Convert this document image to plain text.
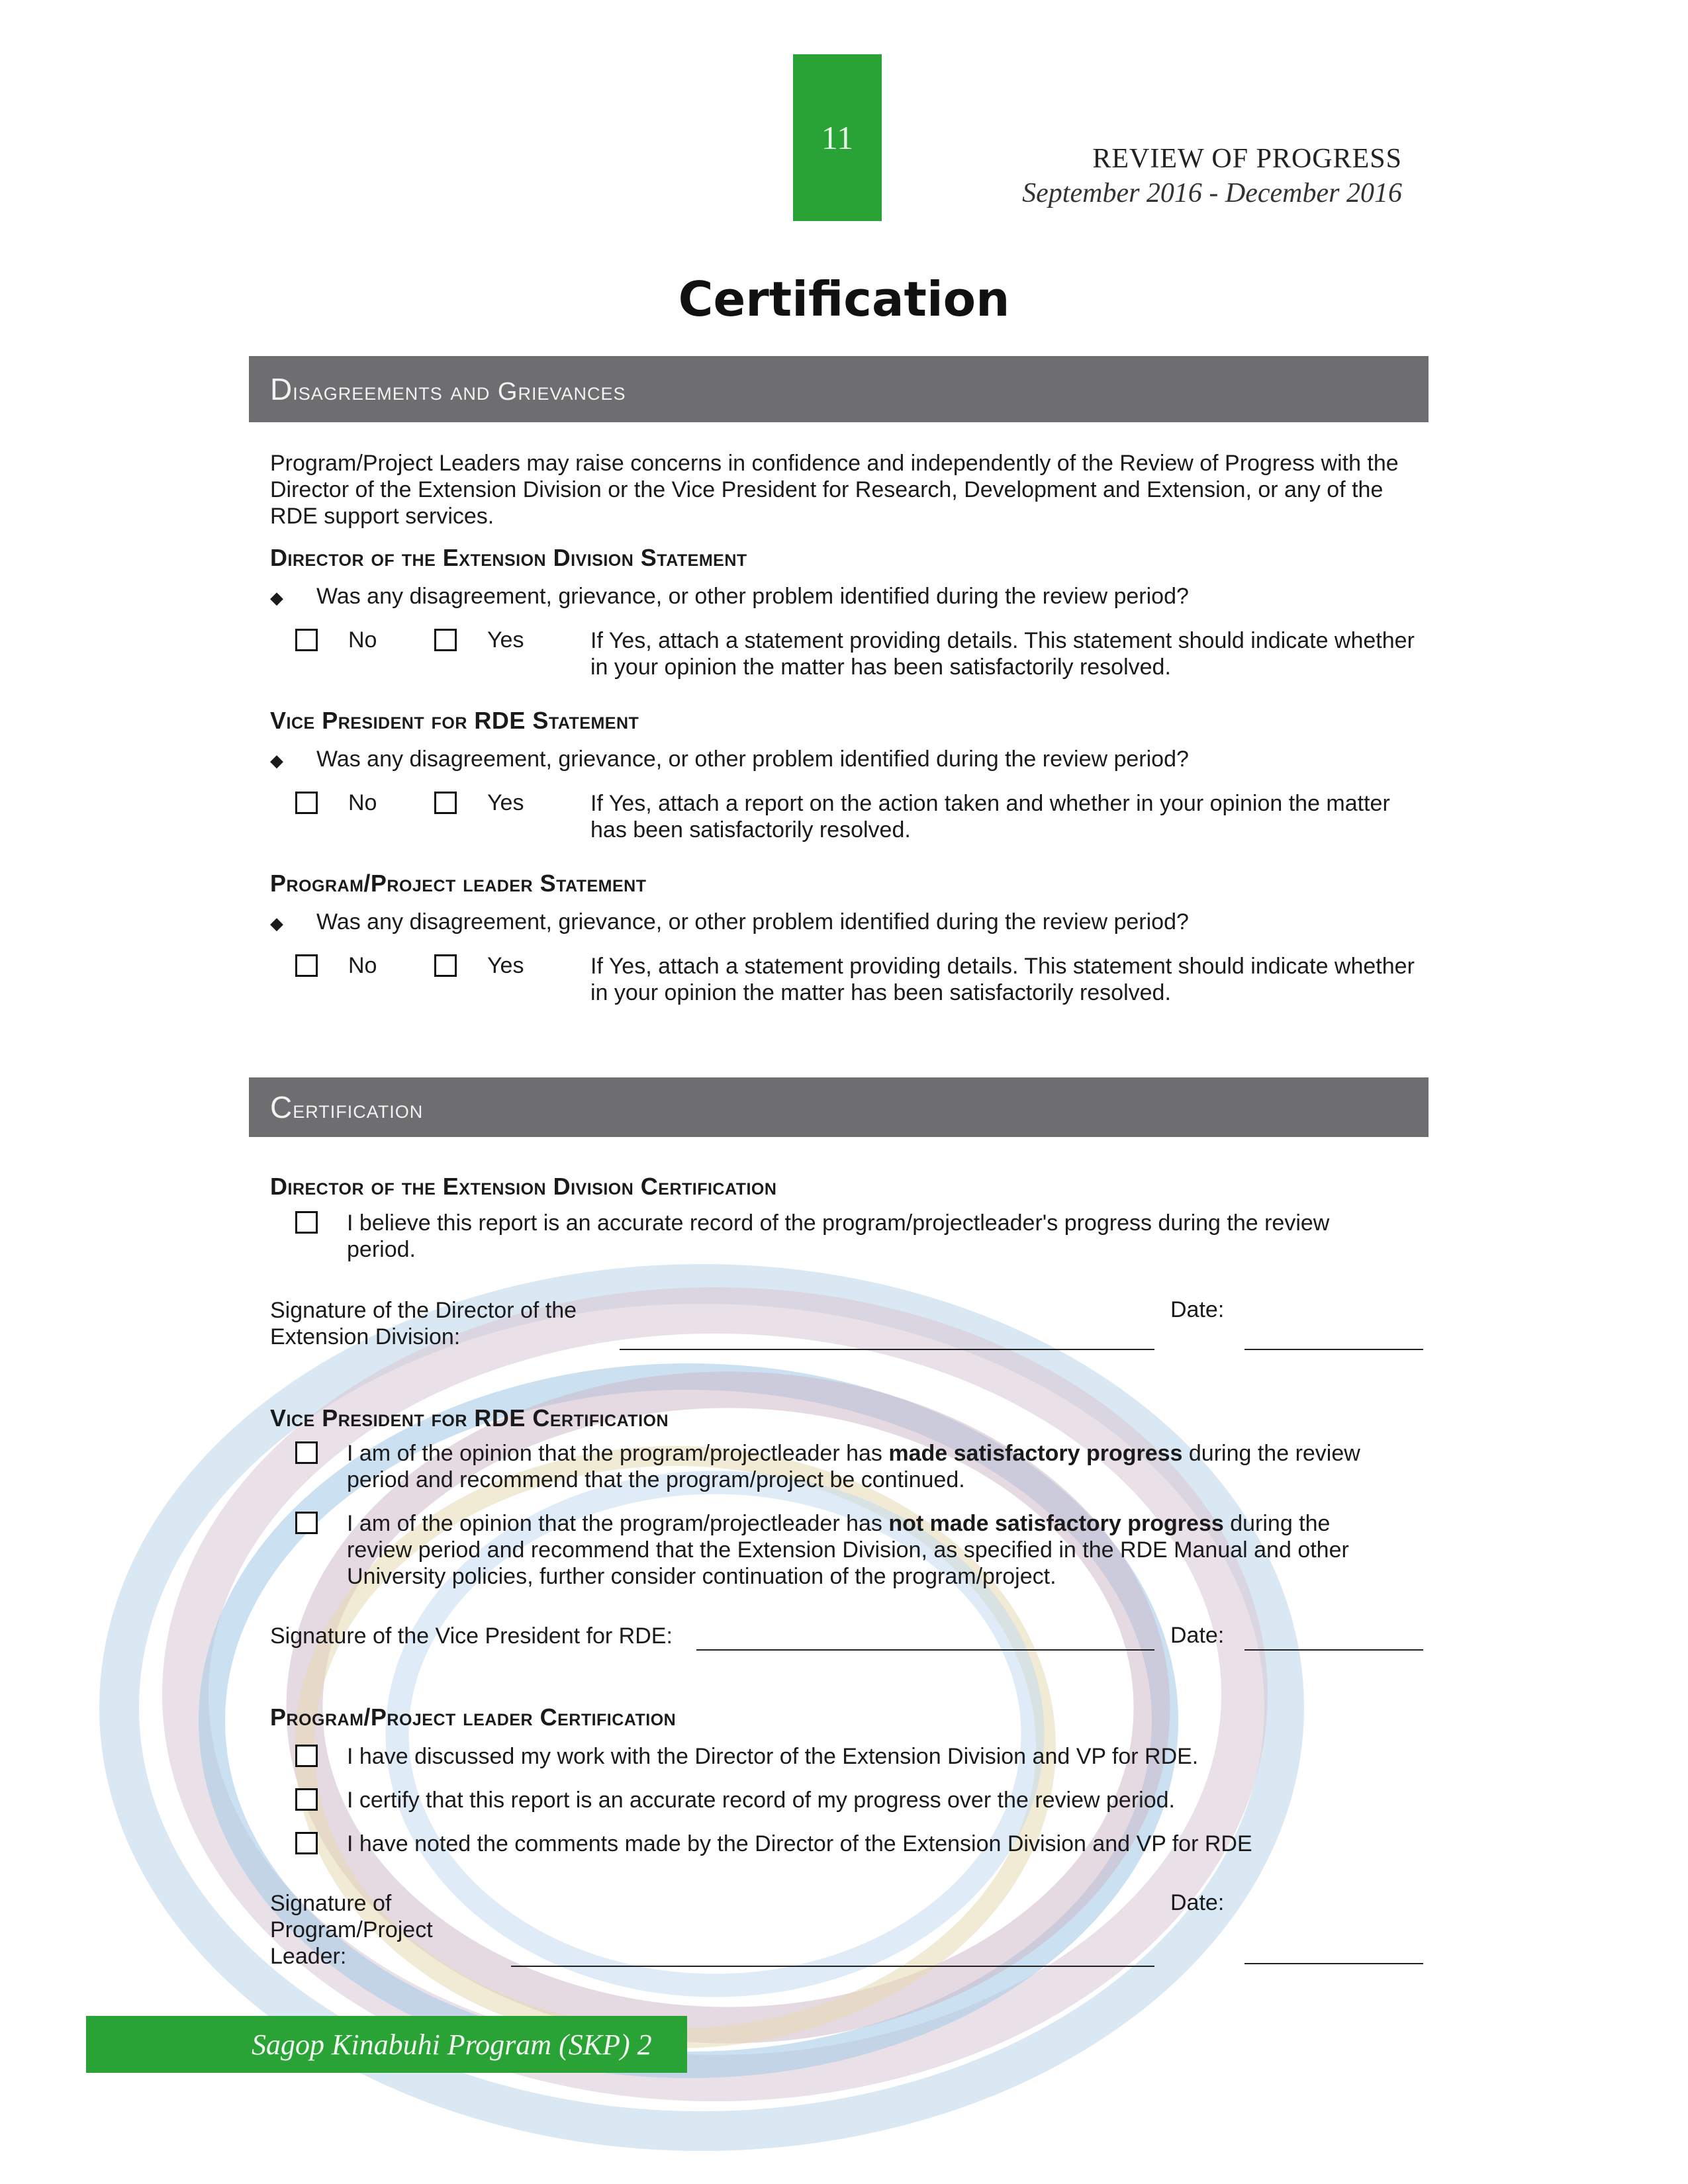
11
REVIEW OF PROGRESS
September 2016 - December 2016
Certification
Disagreements and Grievances
Program/Project Leaders may raise concerns in confidence and independently of the Review of Progress with the Director of the Extension Division or the Vice President for Research, Development and Extension, or any of the RDE support services.
Director of the Extension Division Statement
◆ Was any disagreement, grievance, or other problem identified during the review period?
No	Yes	If Yes, attach a statement providing details. This statement should indicate whether in your opinion the matter has been satisfactorily resolved.
Vice President for RDE Statement
◆ Was any disagreement, grievance, or other problem identified during the review period?
No	Yes	If Yes, attach a report on the action taken and whether in your opinion the matter has been satisfactorily resolved.
Program/Project leader Statement
◆ Was any disagreement, grievance, or other problem identified during the review period?
No	Yes	If Yes, attach a statement providing details. This statement should indicate whether in your opinion the matter has been satisfactorily resolved.
Certification
Director of the Extension Division Certification
I believe this report is an accurate record of the program/projectleader's progress during the review period.
Signature of the Director of the Extension Division:
Date:
Vice President for RDE Certification
I am of the opinion that the program/projectleader has made satisfactory progress during the review period and recommend that the program/project be continued.
I am of the opinion that the program/projectleader has not made satisfactory progress during the review period and recommend that the Extension Division, as specified in the RDE Manual and other University policies, further consider continuation of the program/project.
Signature of the Vice President for RDE:	Date:
Program/Project leader Certification
I have discussed my work with the Director of the Extension Division and VP for RDE.
I certify that this report is an accurate record of my progress over the review period.
I have noted the comments made by the Director of the Extension Division and VP for RDE
Signature of Program/Project Leader:
Date:
Sagop Kinabuhi Program (SKP) 2
